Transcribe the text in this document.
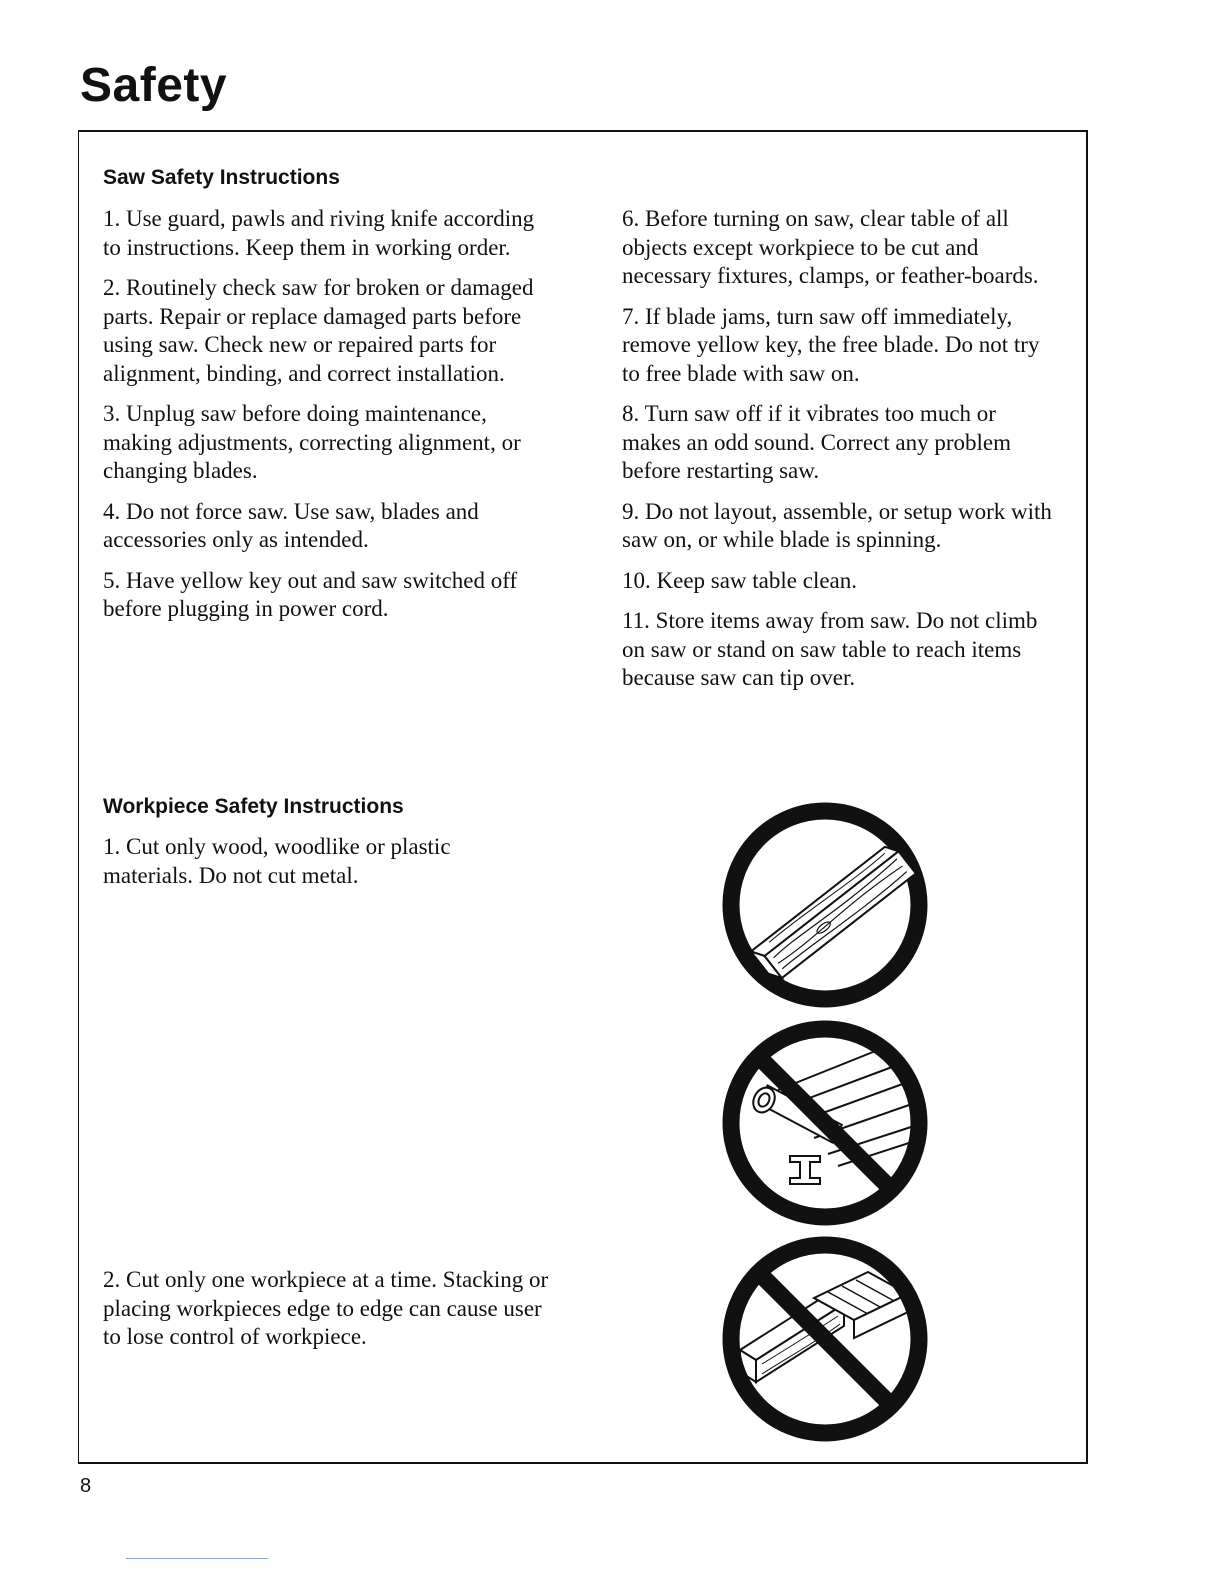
Safety
Saw Safety Instructions

1. Use guard, pawls and riving knife according to instructions. Keep them in working order.

2. Routinely check saw for broken or damaged parts. Repair or replace damaged parts before using saw. Check new or repaired parts for alignment, binding, and correct installation.

3. Unplug saw before doing maintenance, making adjustments, correcting alignment, or changing blades.

4. Do not force saw. Use saw, blades and accessories only as intended.

5. Have yellow key out and saw switched off before plugging in power cord.

6. Before turning on saw, clear table of all objects except workpiece to be cut and necessary fixtures, clamps, or feather-boards.

7. If blade jams, turn saw off immediately, remove yellow key, the free blade. Do not try to free blade with saw on.

8. Turn saw off if it vibrates too much or makes an odd sound. Correct any problem before restarting saw.

9. Do not layout, assemble, or setup work with saw on, or while blade is spinning.

10. Keep saw table clean.

11. Store items away from saw. Do not climb on saw or stand on saw table to reach items because saw can tip over.

Workpiece Safety Instructions

1. Cut only wood, woodlike or plastic materials. Do not cut metal.

2. Cut only one workpiece at a time. Stacking or placing workpieces edge to edge can cause user to lose control of workpiece.

8
